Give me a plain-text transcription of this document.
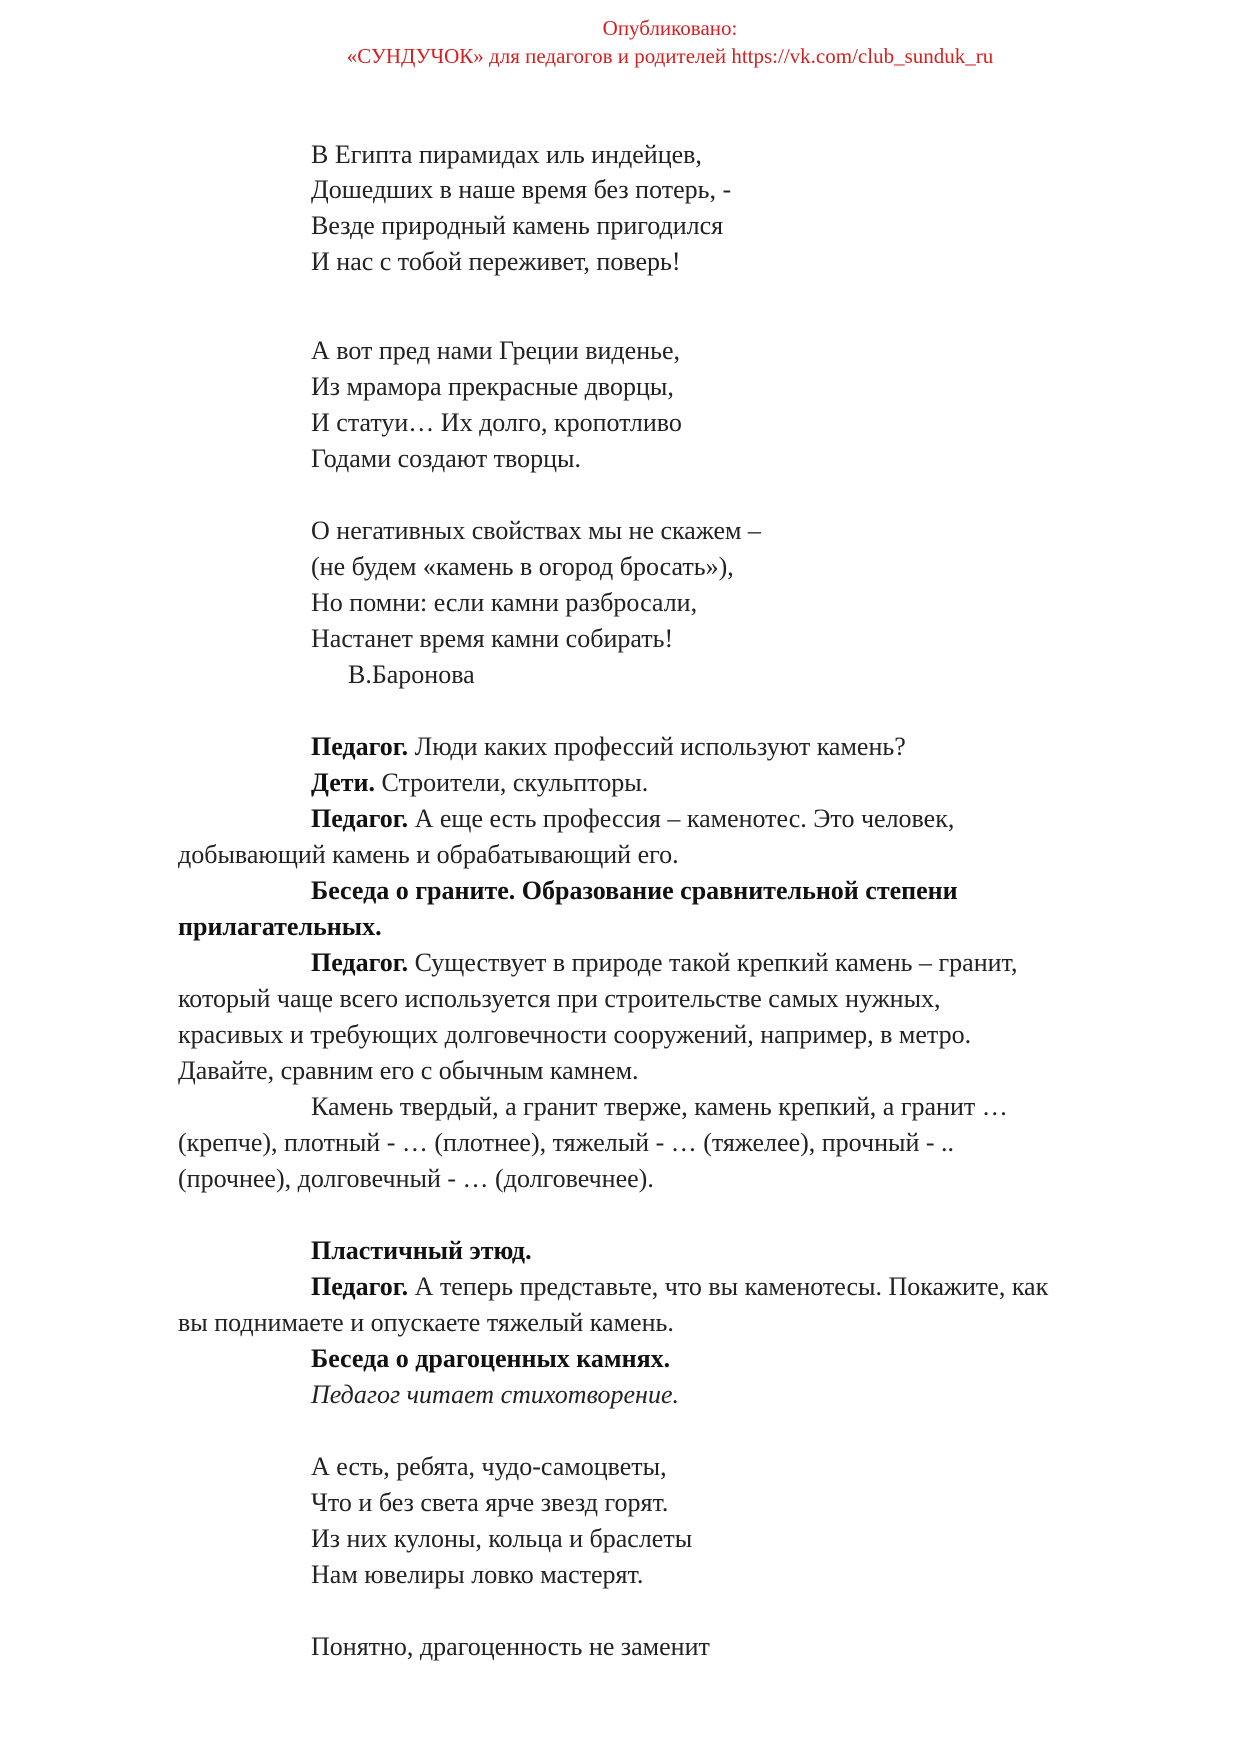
Опубликовано:
«СУНДУЧОК» для педагогов и родителей https://vk.com/club_sunduk_ru
В Египта пирамидах иль индейцев,
Дошедших в наше время без потерь, -
Везде природный камень пригодился
И нас с тобой переживет, поверь!
А вот пред нами Греции виденье,
Из мрамора прекрасные дворцы,
И статуи… Их долго, кропотливо
Годами создают творцы.
О негативных свойствах мы не скажем –
(не будем «камень в огород бросать»),
Но помни: если камни разбросали,
Настанет время камни собирать!
В.Баронова
Педагог. Люди каких профессий используют камень?
Дети. Строители, скульпторы.
Педагог. А еще есть профессия – каменотес. Это человек,
добывающий камень и обрабатывающий его.
Беседа о граните. Образование сравнительной степени
прилагательных.
Педагог. Существует в природе такой крепкий камень – гранит,
который чаще всего используется при строительстве самых нужных,
красивых и требующих долговечности сооружений, например, в метро.
Давайте, сравним его с обычным камнем.
Камень твердый, а гранит тверже, камень крепкий, а гранит …
(крепче), плотный - … (плотнее), тяжелый - … (тяжелее), прочный - ..
(прочнее), долговечный - … (долговечнее).
Пластичный этюд.
Педагог. А теперь представьте, что вы каменотесы. Покажите, как
вы поднимаете и опускаете тяжелый камень.
Беседа о драгоценных камнях.
Педагог читает стихотворение.
А есть, ребята, чудо-самоцветы,
Что и без света ярче звезд горят.
Из них кулоны, кольца и браслеты
Нам ювелиры ловко мастерят.
Понятно, драгоценность не заменит
